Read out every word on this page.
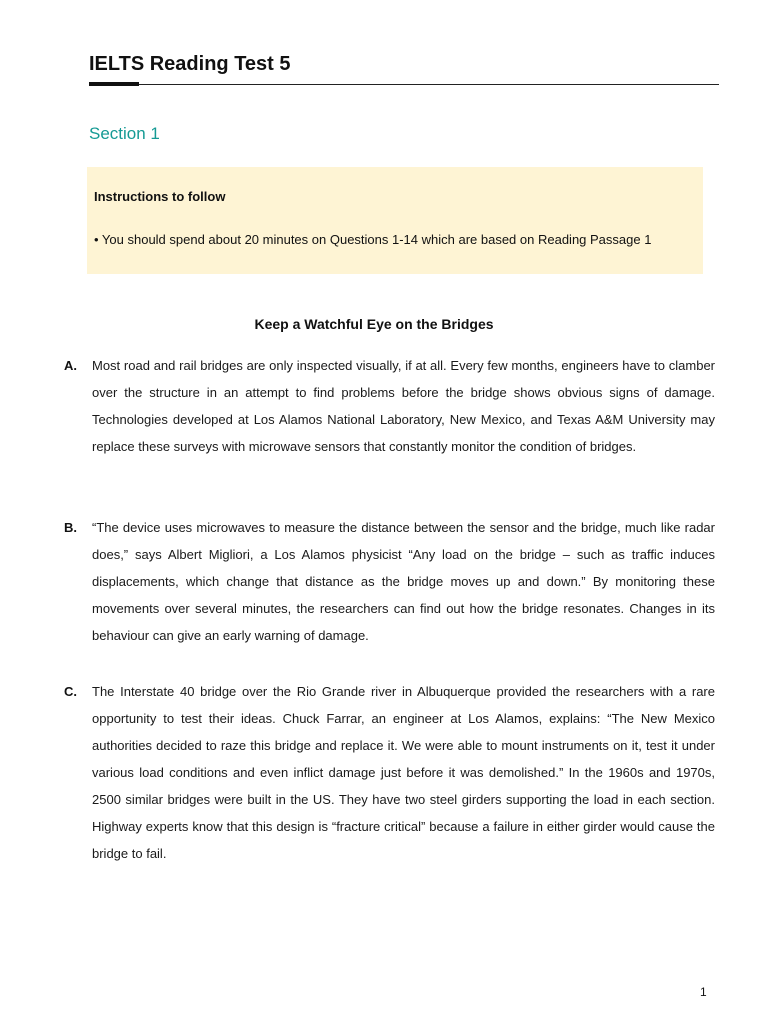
IELTS Reading Test 5
Section 1
Instructions to follow
• You should spend about 20 minutes on Questions 1-14 which are based on Reading Passage 1
Keep a Watchful Eye on the Bridges
A. Most road and rail bridges are only inspected visually, if at all. Every few months, engineers have to clamber over the structure in an attempt to find problems before the bridge shows obvious signs of damage. Technologies developed at Los Alamos National Laboratory, New Mexico, and Texas A&M University may replace these surveys with microwave sensors that constantly monitor the condition of bridges.

B. “The device uses microwaves to measure the distance between the sensor and the bridge, much like radar does,” says Albert Migliori, a Los Alamos physicist “Any load on the bridge – such as traffic induces displacements, which change that distance as the bridge moves up and down.” By monitoring these movements over several minutes, the researchers can find out how the bridge resonates. Changes in its behaviour can give an early warning of damage.

C. The Interstate 40 bridge over the Rio Grande river in Albuquerque provided the researchers with a rare opportunity to test their ideas. Chuck Farrar, an engineer at Los Alamos, explains: “The New Mexico authorities decided to raze this bridge and replace it. We were able to mount instruments on it, test it under various load conditions and even inflict damage just before it was demolished.” In the 1960s and 1970s, 2500 similar bridges were built in the US. They have two steel girders supporting the load in each section. Highway experts know that this design is “fracture critical” because a failure in either girder would cause the bridge to fail.

1
